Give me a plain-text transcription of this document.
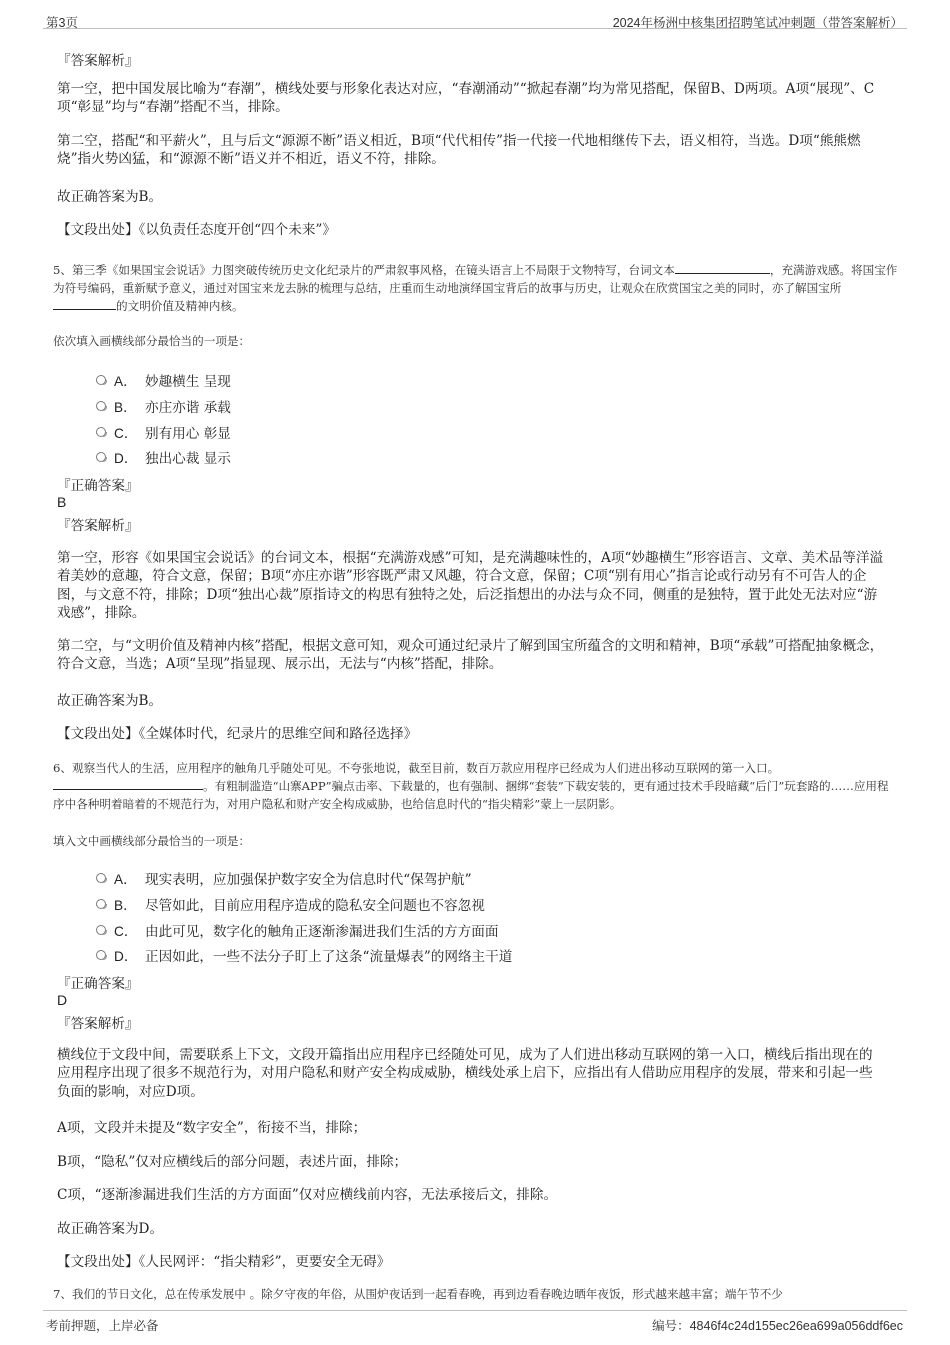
第3页	2024年杨洲中核集团招聘笔试冲刺题（带答案解析）
『答案解析』
第一空，把中国发展比喻为“春潮”，横线处要与形象化表达对应，“春潮涌动”“掀起春潮”均为常见搭配，保留B、D两项。A项“展现”、C项“彰显”均与“春潮”搭配不当，排除。
第二空，搭配“和平薪火”，且与后文“源源不断”语义相近，B项“代代相传”指一代接一代地相继传下去，语义相符，当选。D项“熊熊燃烧”指火势凶猛，和“源源不断”语义并不相近，语义不符，排除。
故正确答案为B。
【文段出处】《以负责任态度开创“四个未来”》
5、第三季《如果国宝会说话》力图突破传统历史文化纪录片的严肃叙事风格，在镜头语言上不局限于文物特写，台词文本	，充满游戏感。将国宝作为符号编码，重新赋予意义，通过对国宝来龙去脉的梳理与总结，庄重而生动地演绎国宝背后的故事与历史，让观众在欣赏国宝之美的同时，亦了解国宝所的文明价值及精神内核。
依次填入画横线部分最恰当的一项是：
A． 妙趣横生 呈现
B． 亦庄亦谐 承载
C． 别有用心 彰显
D． 独出心裁 显示
『正确答案』
B
『答案解析』
第一空，形容《如果国宝会说话》的台词文本，根据“充满游戏感”可知，是充满趣味性的，A项“妙趣横生”形容语言、文章、美术品等洋溢着美妙的意趣，符合文意，保留；B项“亦庄亦谐”形容既严肃又风趣，符合文意，保留；C项“别有用心”指言论或行动另有不可告人的企图，与文意不符，排除；D项“独出心裁”原指诗文的构思有独特之处，后泛指想出的办法与众不同，侧重的是独特，置于此处无法对应“游戏感”，排除。
第二空，与“文明价值及精神内核”搭配，根据文意可知，观众可通过纪录片了解到国宝所蕴含的文明和精神，B项“承载”可搭配抽象概念，符合文意，当选；A项“呈现”指显现、展示出，无法与“内核”搭配，排除。
故正确答案为B。
【文段出处】《全媒体时代，纪录片的思维空间和路径选择》
6、观察当代人的生活，应用程序的触角几乎随处可见。不夸张地说，截至目前，数百万款应用程序已经成为人们进出移动互联网的第一入口。。有粗制滥造“山寨APP”骗点击率、下载量的，也有强制、捆绑“套装”下载安装的，更有通过技术手段暗藏“后门”玩套路的……应用程序中各种明着暗着的不规范行为，对用户隐私和财产安全构成威胁，也给信息时代的“指尖精彩”蒙上一层阴影。
填入文中画横线部分最恰当的一项是：
A． 现实表明，应加强保护数字安全为信息时代“保驾护航”
B． 尽管如此，目前应用程序造成的隐私安全问题也不容忽视
C． 由此可见，数字化的触角正逐渐渗漏进我们生活的方方面面
D． 正因如此，一些不法分子盯上了这条“流量爆表”的网络主干道
『正确答案』
D
『答案解析』
横线位于文段中间，需要联系上下文，文段开篇指出应用程序已经随处可见，成为了人们进出移动互联网的第一入口，横线后指出现在的应用程序出现了很多不规范行为，对用户隐私和财产安全构成威胁，横线处承上启下，应指出有人借助应用程序的发展，带来和引起一些负面的影响，对应D项。
A项，文段并未提及“数字安全”，衔接不当，排除；
B项，“隐私”仅对应横线后的部分问题，表述片面，排除；
C项，“逐渐渗漏进我们生活的方方面面”仅对应横线前内容，无法承接后文，排除。
故正确答案为D。
【文段出处】《人民网评：“指尖精彩”，更要安全无碍》
7、我们的节日文化，总在传承发展中 。除夕守夜的年俗，从围炉夜话到一起看春晚，再到边看春晚边晒年夜饭，形式越来越丰富；端午节不少
考前押题，上岸必备	编号：4846f4c24d155ec26ea699a056ddf6ec
